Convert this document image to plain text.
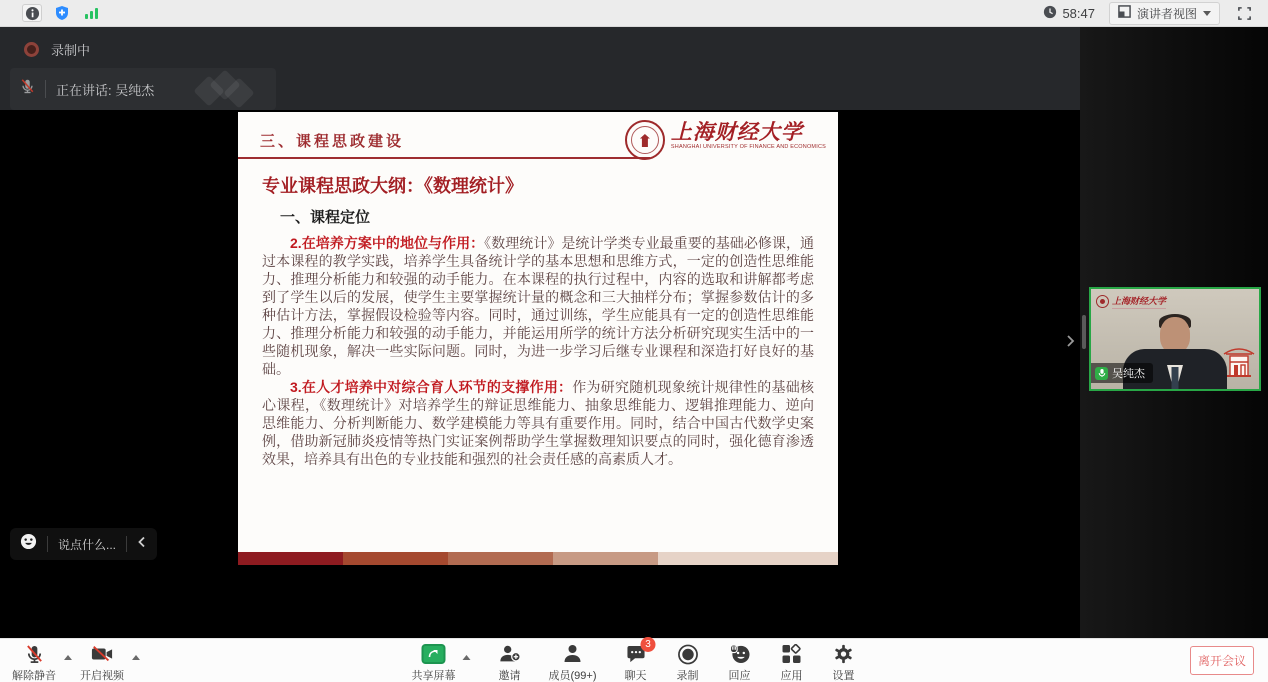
58:47	演讲者视图
录制中
正在讲话: 吴纯杰
三、课程思政建设	上海财经大学
SHANGHAI UNIVERSITY OF FINANCE AND ECONOMICS
专业课程思政大纲：《数理统计》
一、课程定位

2.在培养方案中的地位与作用：《数理统计》是统计学类专业最重要的基础必修课，通过本课程的教学实践，培养学生具备统计学的基本思想和思维方式，一定的创造性思维能力、推理分析能力和较强的动手能力。在本课程的执行过程中，内容的选取和讲解都考虑到了学生以后的发展，使学生主要掌握统计量的概念和三大抽样分布；掌握参数估计的多种估计方法，掌握假设检验等内容。同时，通过训练，学生应能具有一定的创造性思维能力、推理分析能力和较强的动手能力，并能运用所学的统计方法分析研究现实生活中的一些随机现象，解决一些实际问题。同时，为进一步学习后继专业课程和深造打好良好的基础。

3.在人才培养中对综合育人环节的支撑作用：作为研究随机现象统计规律性的基础核心课程，《数理统计》对培养学生的辩证思维能力、抽象思维能力、逻辑推理能力、逆向思维能力、分析判断能力、数学建模能力等具有重要作用。同时，结合中国古代数学史案例，借助新冠肺炎疫情等热门实证案例帮助学生掌握数理知识要点的同时，强化德育渗透效果，培养具有出色的专业技能和强烈的社会责任感的高素质人才。

说点什么...
上海财经大学
吴纯杰
解除静音 开启视频	共享屏幕	邀请	成员(99+)
3
聊天	录制	回应	应用	设置
离开会议
